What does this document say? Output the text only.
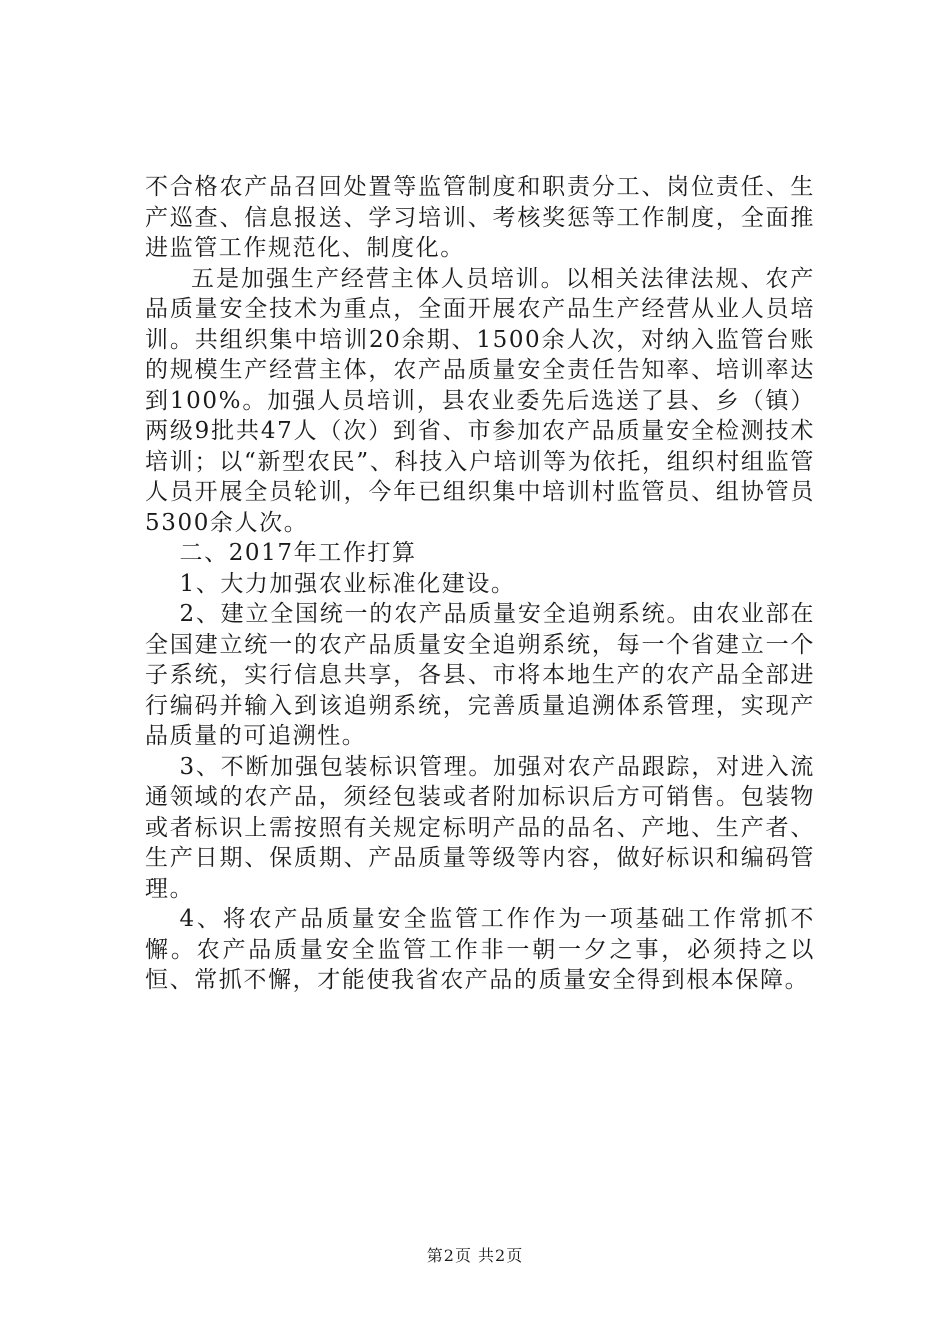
不合格农产品召回处置等监管制度和职责分工、岗位责任、生产巡查、信息报送、学习培训、考核奖惩等工作制度，全面推进监管工作规范化、制度化。

五是加强生产经营主体人员培训。以相关法律法规、农产品质量安全技术为重点，全面开展农产品生产经营从业人员培训。共组织集中培训20余期、1500余人次，对纳入监管台账的规模生产经营主体，农产品质量安全责任告知率、培训率达到100%。加强人员培训，县农业委先后选送了县、乡（镇）两级9批共47人（次）到省、市参加农产品质量安全检测技术培训；以“新型农民”、科技入户培训等为依托，组织村组监管人员开展全员轮训，今年已组织集中培训村监管员、组协管员5300余人次。

二、2017年工作打算

1、大力加强农业标准化建设。

2、建立全国统一的农产品质量安全追朔系统。由农业部在全国建立统一的农产品质量安全追朔系统，每一个省建立一个子系统，实行信息共享，各县、市将本地生产的农产品全部进行编码并输入到该追朔系统，完善质量追溯体系管理，实现产品质量的可追溯性。

3、不断加强包装标识管理。加强对农产品跟踪，对进入流通领域的农产品，须经包装或者附加标识后方可销售。包装物或者标识上需按照有关规定标明产品的品名、产地、生产者、生产日期、保质期、产品质量等级等内容，做好标识和编码管理。

4、将农产品质量安全监管工作作为一项基础工作常抓不懈。农产品质量安全监管工作非一朝一夕之事，必须持之以恒、常抓不懈，才能使我省农产品的质量安全得到根本保障。

第2页 共2页
